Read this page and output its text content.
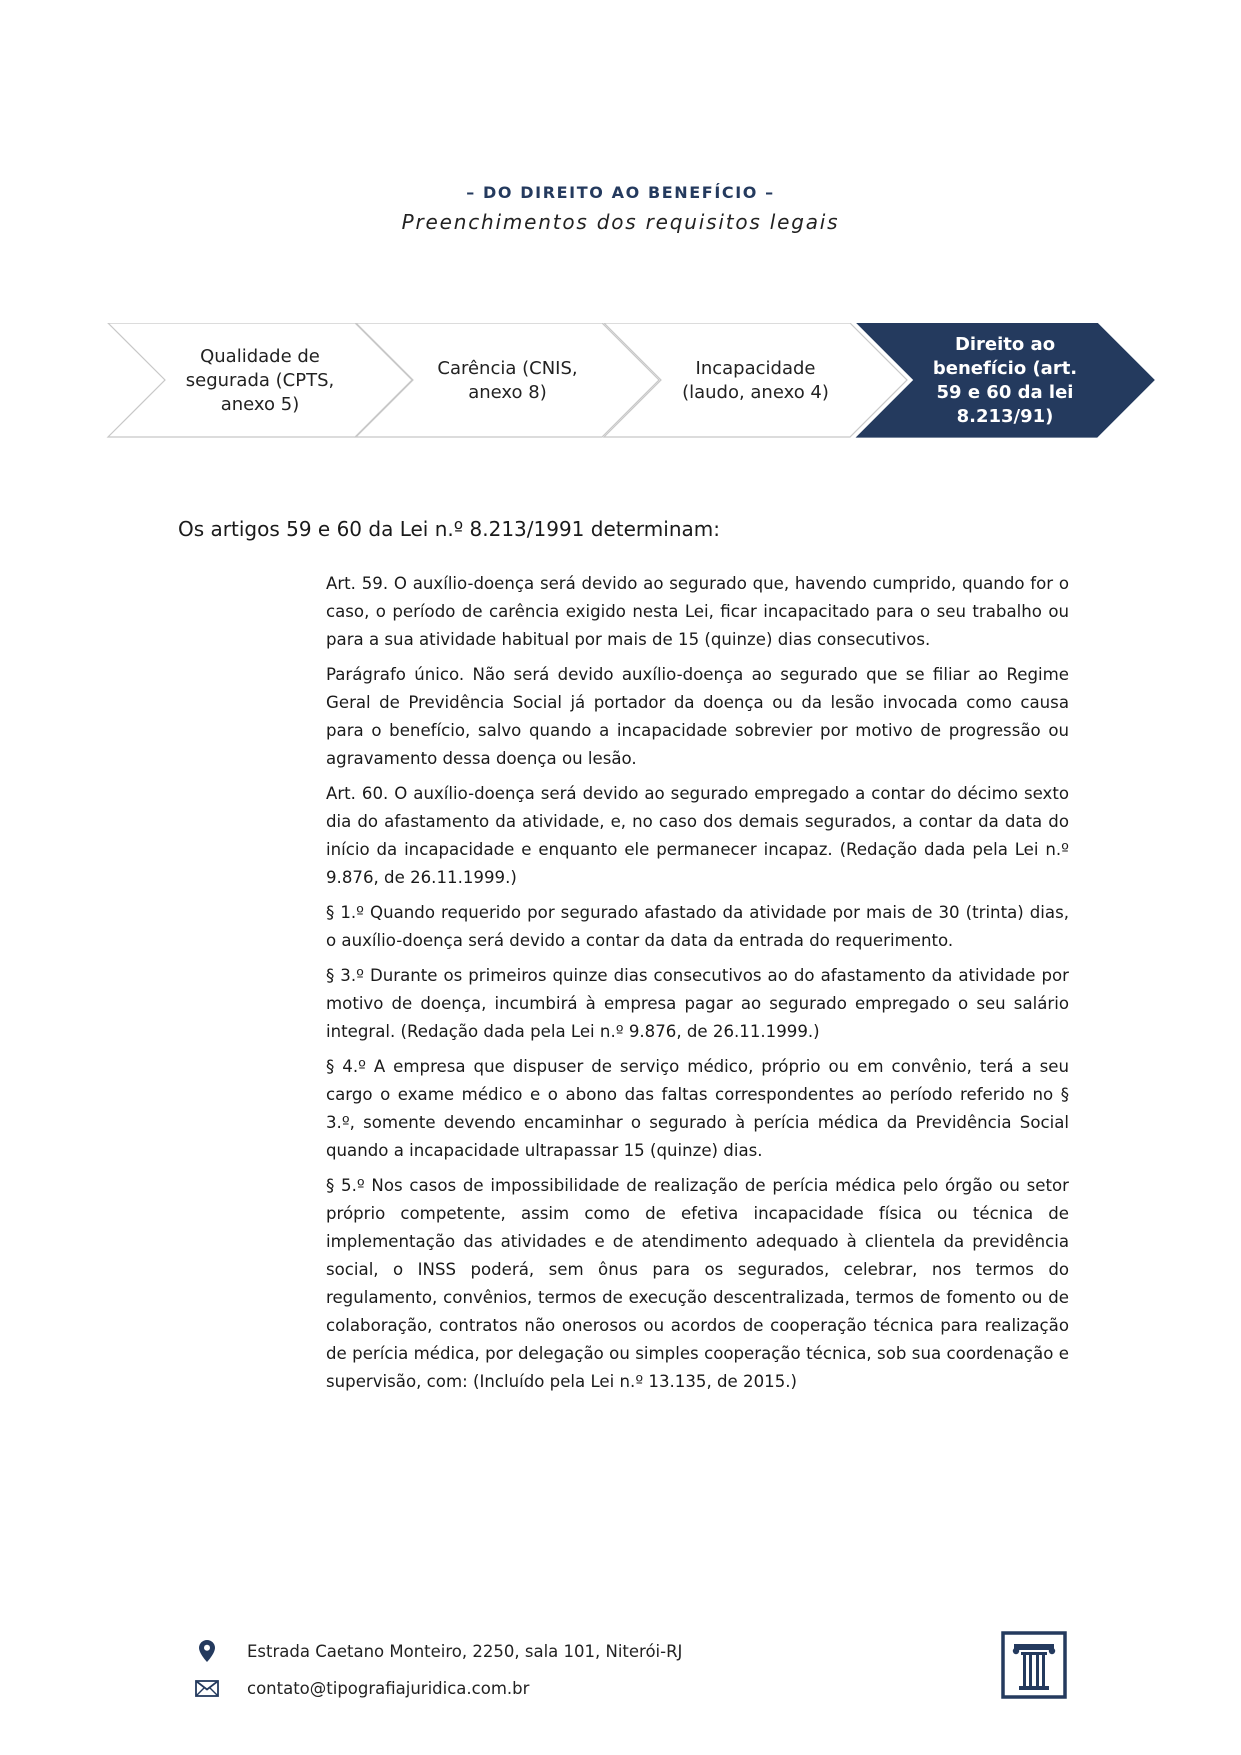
– DO DIREITO AO BENEFÍCIO –
Preenchimentos dos requisitos legais
Qualidade de
segurada (CPTS,
anexo 5)
Carência (CNIS,
anexo 8)
Incapacidade
(laudo, anexo 4)
Direito ao
benefício (art.
59 e 60 da lei
8.213/91)
Os artigos 59 e 60 da Lei n.º 8.213/1991 determinam:

Art. 59. O auxílio-doença será devido ao segurado que, havendo cumprido, quando for o caso, o período de carência exigido nesta Lei, ficar incapacitado para o seu trabalho ou para a sua atividade habitual por mais de 15 (quinze) dias consecutivos.

Parágrafo único. Não será devido auxílio-doença ao segurado que se filiar ao Regime Geral de Previdência Social já portador da doença ou da lesão invocada como causa para o benefício, salvo quando a incapacidade sobrevier por motivo de progressão ou agravamento dessa doença ou lesão.

Art. 60. O auxílio-doença será devido ao segurado empregado a contar do décimo sexto dia do afastamento da atividade, e, no caso dos demais segurados, a contar da data do início da incapacidade e enquanto ele permanecer incapaz. (Redação dada pela Lei n.º 9.876, de 26.11.1999.)

§ 1.º Quando requerido por segurado afastado da atividade por mais de 30 (trinta) dias, o auxílio-doença será devido a contar da data da entrada do requerimento.

§ 3.º Durante os primeiros quinze dias consecutivos ao do afastamento da atividade por motivo de doença, incumbirá à empresa pagar ao segurado empregado o seu salário integral. (Redação dada pela Lei n.º 9.876, de 26.11.1999.)

§ 4.º A empresa que dispuser de serviço médico, próprio ou em convênio, terá a seu cargo o exame médico e o abono das faltas correspondentes ao período referido no § 3.º, somente devendo encaminhar o segurado à perícia médica da Previdência Social quando a incapacidade ultrapassar 15 (quinze) dias.

§ 5.º Nos casos de impossibilidade de realização de perícia médica pelo órgão ou setor próprio competente, assim como de efetiva incapacidade física ou técnica de implementação das atividades e de atendimento adequado à clientela da previdência social, o INSS poderá, sem ônus para os segurados, celebrar, nos termos do regulamento, convênios, termos de execução descentralizada, termos de fomento ou de colaboração, contratos não onerosos ou acordos de cooperação técnica para realização de perícia médica, por delegação ou simples cooperação técnica, sob sua coordenação e supervisão, com: (Incluído pela Lei n.º 13.135, de 2015.)

Estrada Caetano Monteiro, 2250, sala 101, Niterói-RJ
contato@tipografiajuridica.com.br
